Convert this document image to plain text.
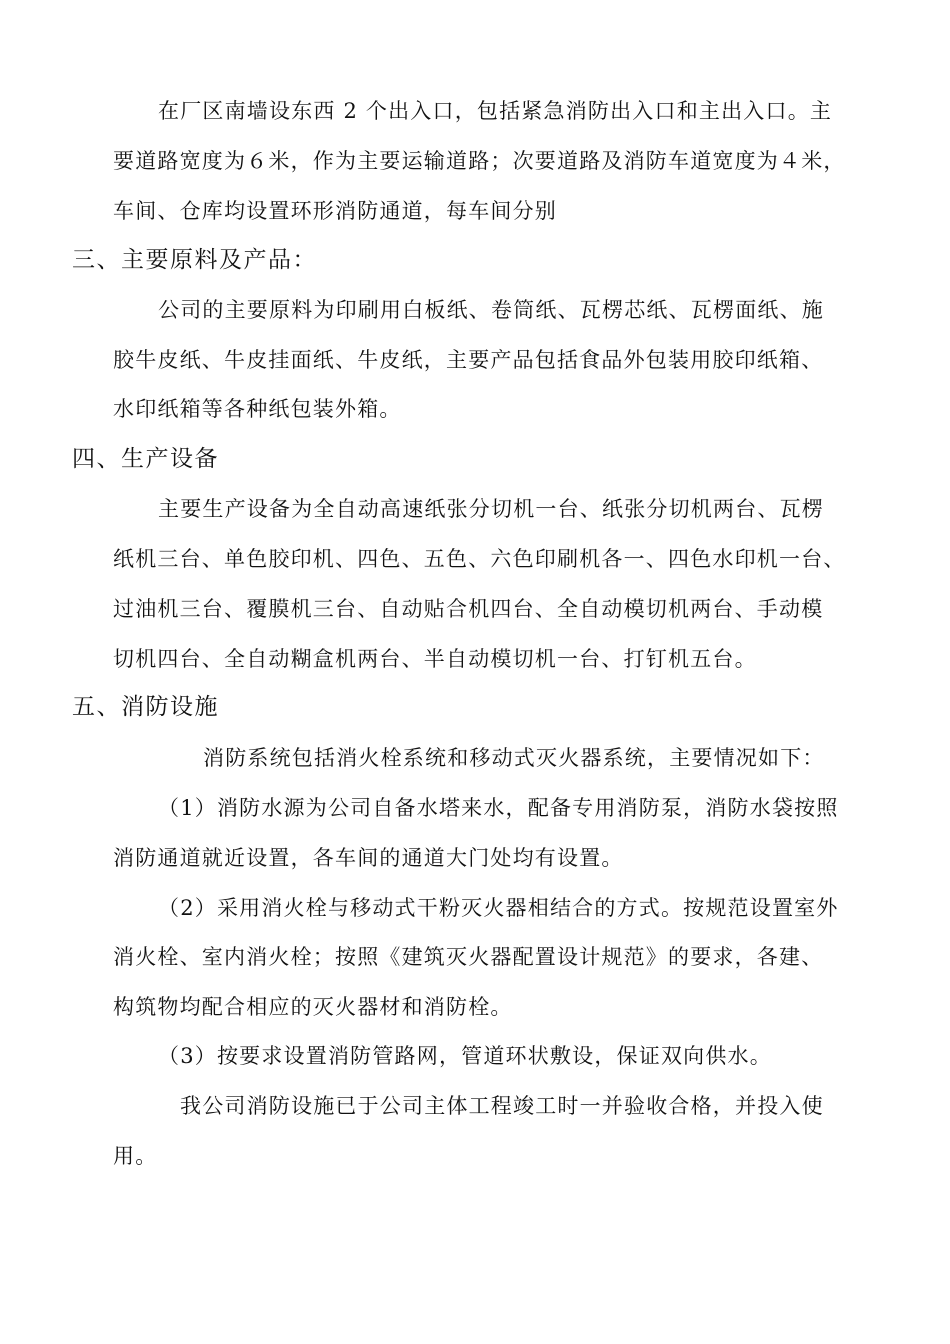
在厂区南墙设东西 2 个出入口，包括紧急消防出入口和主出入口。主
要道路宽度为６米，作为主要运输道路；次要道路及消防车道宽度为４米，
车间、仓库均设置环形消防通道，每车间分别
三、主要原料及产品：
公司的主要原料为印刷用白板纸、卷筒纸、瓦楞芯纸、瓦楞面纸、施
胶牛皮纸、牛皮挂面纸、牛皮纸，主要产品包括食品外包装用胶印纸箱、
水印纸箱等各种纸包装外箱。
四、生产设备
主要生产设备为全自动高速纸张分切机一台、纸张分切机两台、瓦楞
纸机三台、单色胶印机、四色、五色、六色印刷机各一、四色水印机一台、
过油机三台、覆膜机三台、自动贴合机四台、全自动模切机两台、手动模
切机四台、全自动糊盒机两台、半自动模切机一台、打钉机五台。
五、消防设施
消防系统包括消火栓系统和移动式灭火器系统，主要情况如下：
（1）消防水源为公司自备水塔来水，配备专用消防泵，消防水袋按照
消防通道就近设置，各车间的通道大门处均有设置。
（2）采用消火栓与移动式干粉灭火器相结合的方式。按规范设置室外
消火栓、室内消火栓；按照《建筑灭火器配置设计规范》的要求，各建、
构筑物均配合相应的灭火器材和消防栓。
（3）按要求设置消防管路网，管道环状敷设，保证双向供水。
我公司消防设施已于公司主体工程竣工时一并验收合格，并投入使
用。
